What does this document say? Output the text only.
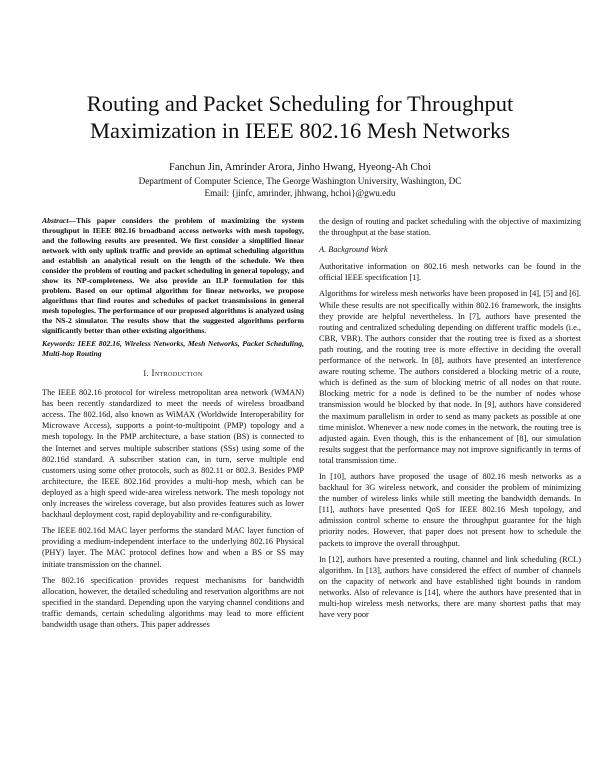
Routing and Packet Scheduling for Throughput Maximization in IEEE 802.16 Mesh Networks
Fanchun Jin, Amrinder Arora, Jinho Hwang, Hyeong-Ah Choi
Department of Computer Science, The George Washington University, Washington, DC
Email: {jinfc, amrinder, jhhwang, hchoi}@gwu.edu

Abstract—This paper considers the problem of maximizing the system throughput in IEEE 802.16 broadband access networks with mesh topology, and the following results are presented. We first consider a simplified linear network with only uplink traffic and provide an optimal scheduling algorithm and establish an analytical result on the length of the schedule. We then consider the problem of routing and packet scheduling in general topology, and show its NP-completeness. We also provide an ILP formulation for this problem. Based on our optimal algorithm for linear networks, we propose algorithms that find routes and schedules of packet transmissions in general mesh topologies. The performance of our proposed algorithms is analyzed using the NS-2 simulator. The results show that the suggested algorithms perform significantly better than other existing algorithms.

Keywords: IEEE 802.16, Wireless Networks, Mesh Networks, Packet Scheduling, Multi-hop Routing

I. Introduction

The IEEE 802.16 protocol for wireless metropolitan area network (WMAN) has been recently standardized to meet the needs of wireless broadband access. The 802.16d, also known as WiMAX (Worldwide Interoperability for Microwave Access), supports a point-to-multipoint (PMP) topology and a mesh topology. In the PMP architecture, a base station (BS) is connected to the Internet and serves multiple subscriber stations (SSs) using some of the 802.16d standard. A subscriber station can, in turn, serve multiple end customers using some other protocols, such as 802.11 or 802.3. Besides PMP architecture, the IEEE 802.16d provides a multi-hop mesh, which can be deployed as a high speed wide-area wireless network. The mesh topology not only increases the wireless coverage, but also provides features such as lower backhaul deployment cost, rapid deployability and re-configurability.

The IEEE 802.16d MAC layer performs the standard MAC layer function of providing a medium-independent interface to the underlying 802.16 Physical (PHY) layer. The MAC protocol defines how and when a BS or SS may initiate transmission on the channel.

The 802.16 specification provides request mechanisms for bandwidth allocation, however, the detailed scheduling and reservation algorithms are not specified in the standard. Depending upon the varying channel conditions and traffic demands, certain scheduling algorithms may lead to more efficient bandwidth usage than others. This paper addresses

the design of routing and packet scheduling with the objective of maximizing the throughput at the base station.

A. Background Work

Authoritative information on 802.16 mesh networks can be found in the official IEEE specification [1].

Algorithms for wireless mesh networks have been proposed in [4], [5] and [6]. While these results are not specifically within 802.16 framework, the insights they provide are helpful nevertheless. In [7], authors have presented the routing and centralized scheduling depending on different traffic models (i.e., CBR, VBR). The authors consider that the routing tree is fixed as a shortest path routing, and the routing tree is more effective in deciding the overall performance of the network. In [8], authors have presented an interference aware routing scheme. The authors considered a blocking metric of a route, which is defined as the sum of blocking metric of all nodes on that route. Blocking metric for a node is defined to be the number of nodes whose transmission would be blocked by that node. In [9], authors have considered the maximum parallelism in order to send as many packets as possible at one time minislot. Whenever a new node comes in the network, the routing tree is adjusted again. Even though, this is the enhancement of [8], our simulation results suggest that the performance may not improve significantly in terms of total transmission time.

In [10], authors have proposed the usage of 802.16 mesh networks as a backhaul for 3G wireless network, and consider the problem of minimizing the number of wireless links while still meeting the bandwidth demands. In [11], authors have presented QoS for IEEE 802.16 Mesh topology, and admission control scheme to ensure the throughput guarantee for the high priority nodes. However, that paper does not present how to schedule the packets to improve the overall throughput.

In [12], authors have presented a routing, channel and link scheduling (RCL) algorithm. In [13], authors have considered the effect of number of channels on the capacity of network and have established tight bounds in random networks. Also of relevance is [14], where the authors have presented that in multi-hop wireless mesh networks, there are many shortest paths that may have very poor
